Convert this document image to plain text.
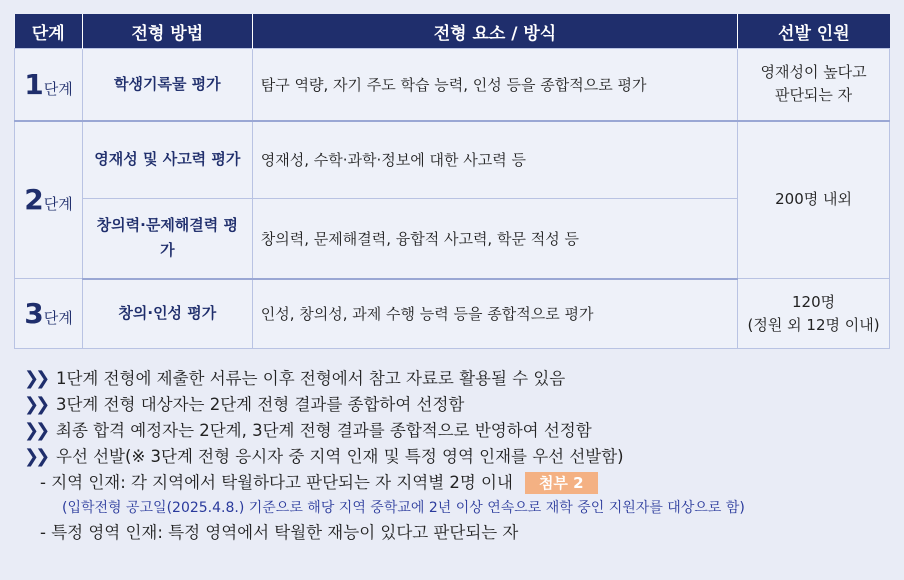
단계	전형 방법	전형 요소 / 방식	선발 인원
1단계	학생기록물 평가	탐구 역량, 자기 주도 학습 능력, 인성 등을 종합적으로 평가	영재성이 높다고
판단되는 자

2단계	영재성 및 사고력 평가	영재성, 수학·과학·정보에 대한 사고력 등	200명 내외

	창의력·문제해결력 평가	창의력, 문제해결력, 융합적 사고력, 학문 적성 등	
3단계	창의·인성 평가	인성, 창의성, 과제 수행 능력 등을 종합적으로 평가	120명
(정원 외 12명 이내)
❯❯ 1단계 전형에 제출한 서류는 이후 전형에서 참고 자료로 활용될 수 있음
❯❯ 3단계 전형 대상자는 2단계 전형 결과를 종합하여 선정함
❯❯ 최종 합격 예정자는 2단계, 3단계 전형 결과를 종합적으로 반영하여 선정함
❯❯ 우선 선발(※ 3단계 전형 응시자 중 지역 인재 및 특정 영역 인재를 우선 선발함)
- 지역 인재: 각 지역에서 탁월하다고 판단되는 자 지역별 2명 이내 첨부 2
(입학전형 공고일(2025.4.8.) 기준으로 해당 지역 중학교에 2년 이상 연속으로 재학 중인 지원자를 대상으로 함)
- 특정 영역 인재: 특정 영역에서 탁월한 재능이 있다고 판단되는 자
